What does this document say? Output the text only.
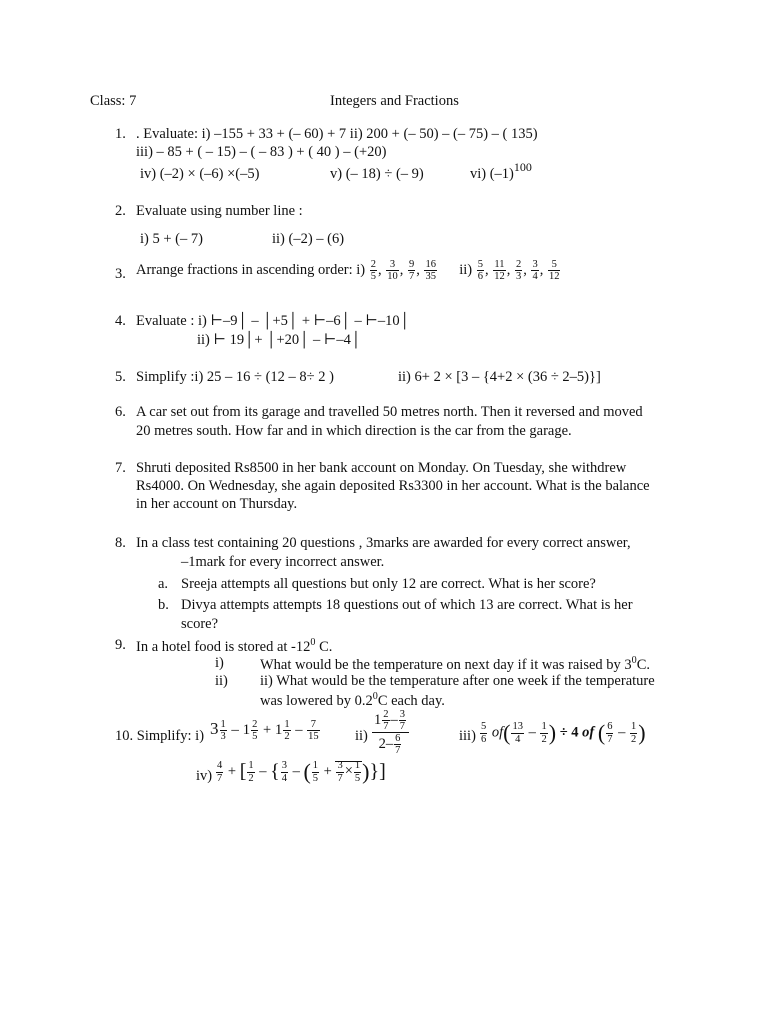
Class: 7	Integers and Fractions
1. . Evaluate: i) –155 + 33 + (– 60) + 7 ii) 200 + (– 50) – (– 75) – ( 135)
iii) – 85 + ( – 15) – ( – 83 ) + ( 40 ) – (+20)
iv) (–2) × (–6) ×(–5)	v) (– 18) ÷ (– 9)	vi) $(-1)^{100}$
2. Evaluate using number line :
i) 5 + (– 7)	ii) (–2) – (6)
3. Arrange fractions in ascending order: $i) \frac{2}{5}$ , $\frac{3}{10}$ , $\frac{9}{7}$ , $\frac{16}{35} ii) \frac{5}{6}$ , $\frac{11}{12}$ , $\frac{2}{3}$ , $\frac{3}{4}$ , $\frac{5}{12}$
4. Evaluate : i) ⊢–9│ – │+5│ + ⊢–6│ – ⊢–10│
ii) ⊢ 19│+ │+20│ – ⊢–4│
5. Simplify :i) 25 – 16 ÷ (12 – 8÷ 2 )	ii) 6+ 2 × [3 – {4+2 × (36 ÷ 2–5)}]
6. A car set out from its garage and travelled 50 metres north. Then it reversed and moved
20 metres south. How far and in which direction is the car from the garage.
7. Shruti deposited Rs8500 in her bank account on Monday. On Tuesday, she withdrew
Rs4000. On Wednesday, she again deposited Rs3300 in her account. What is the balance
in her account on Thursday.
8. In a class test containing 20 questions , 3marks are awarded for every correct answer,
–1mark for every incorrect answer.
a. Sreeja attempts all questions but only 12 are correct. What is her score?
b. Divya attempts attempts 18 questions out of which 13 are correct. What is her
score?
9. In a hotel food is stored at $-12^0$ C.
i) What would be the temperature on next day if it was raised by $3^0C$.
ii) ii) What would be the temperature after one week if the temperature
was lowered by $0.2^0C$ each day.
10. Simplify: i) $3 \frac{1}{3} - 1 \frac{2}{5} + 1 \frac{1}{2} - \frac{7}{15} ii) \frac{1 \frac{2}{7} - \frac{3}{7}}{2- \frac{6}{7}}$	$iii) \frac{5}{6} of( \frac{13}{4} - \frac{1}{2}$ ) ÷ 4 of ( $\frac{6}{7} - \frac{1}{2}$ )
$iv) \frac{4}{7}$ + [ $\frac{1}{2}$ – { $\frac{3}{4}$ – ( $\frac{1}{5} + \frac{3}{7} \times \frac{1}{5}$ )}]
